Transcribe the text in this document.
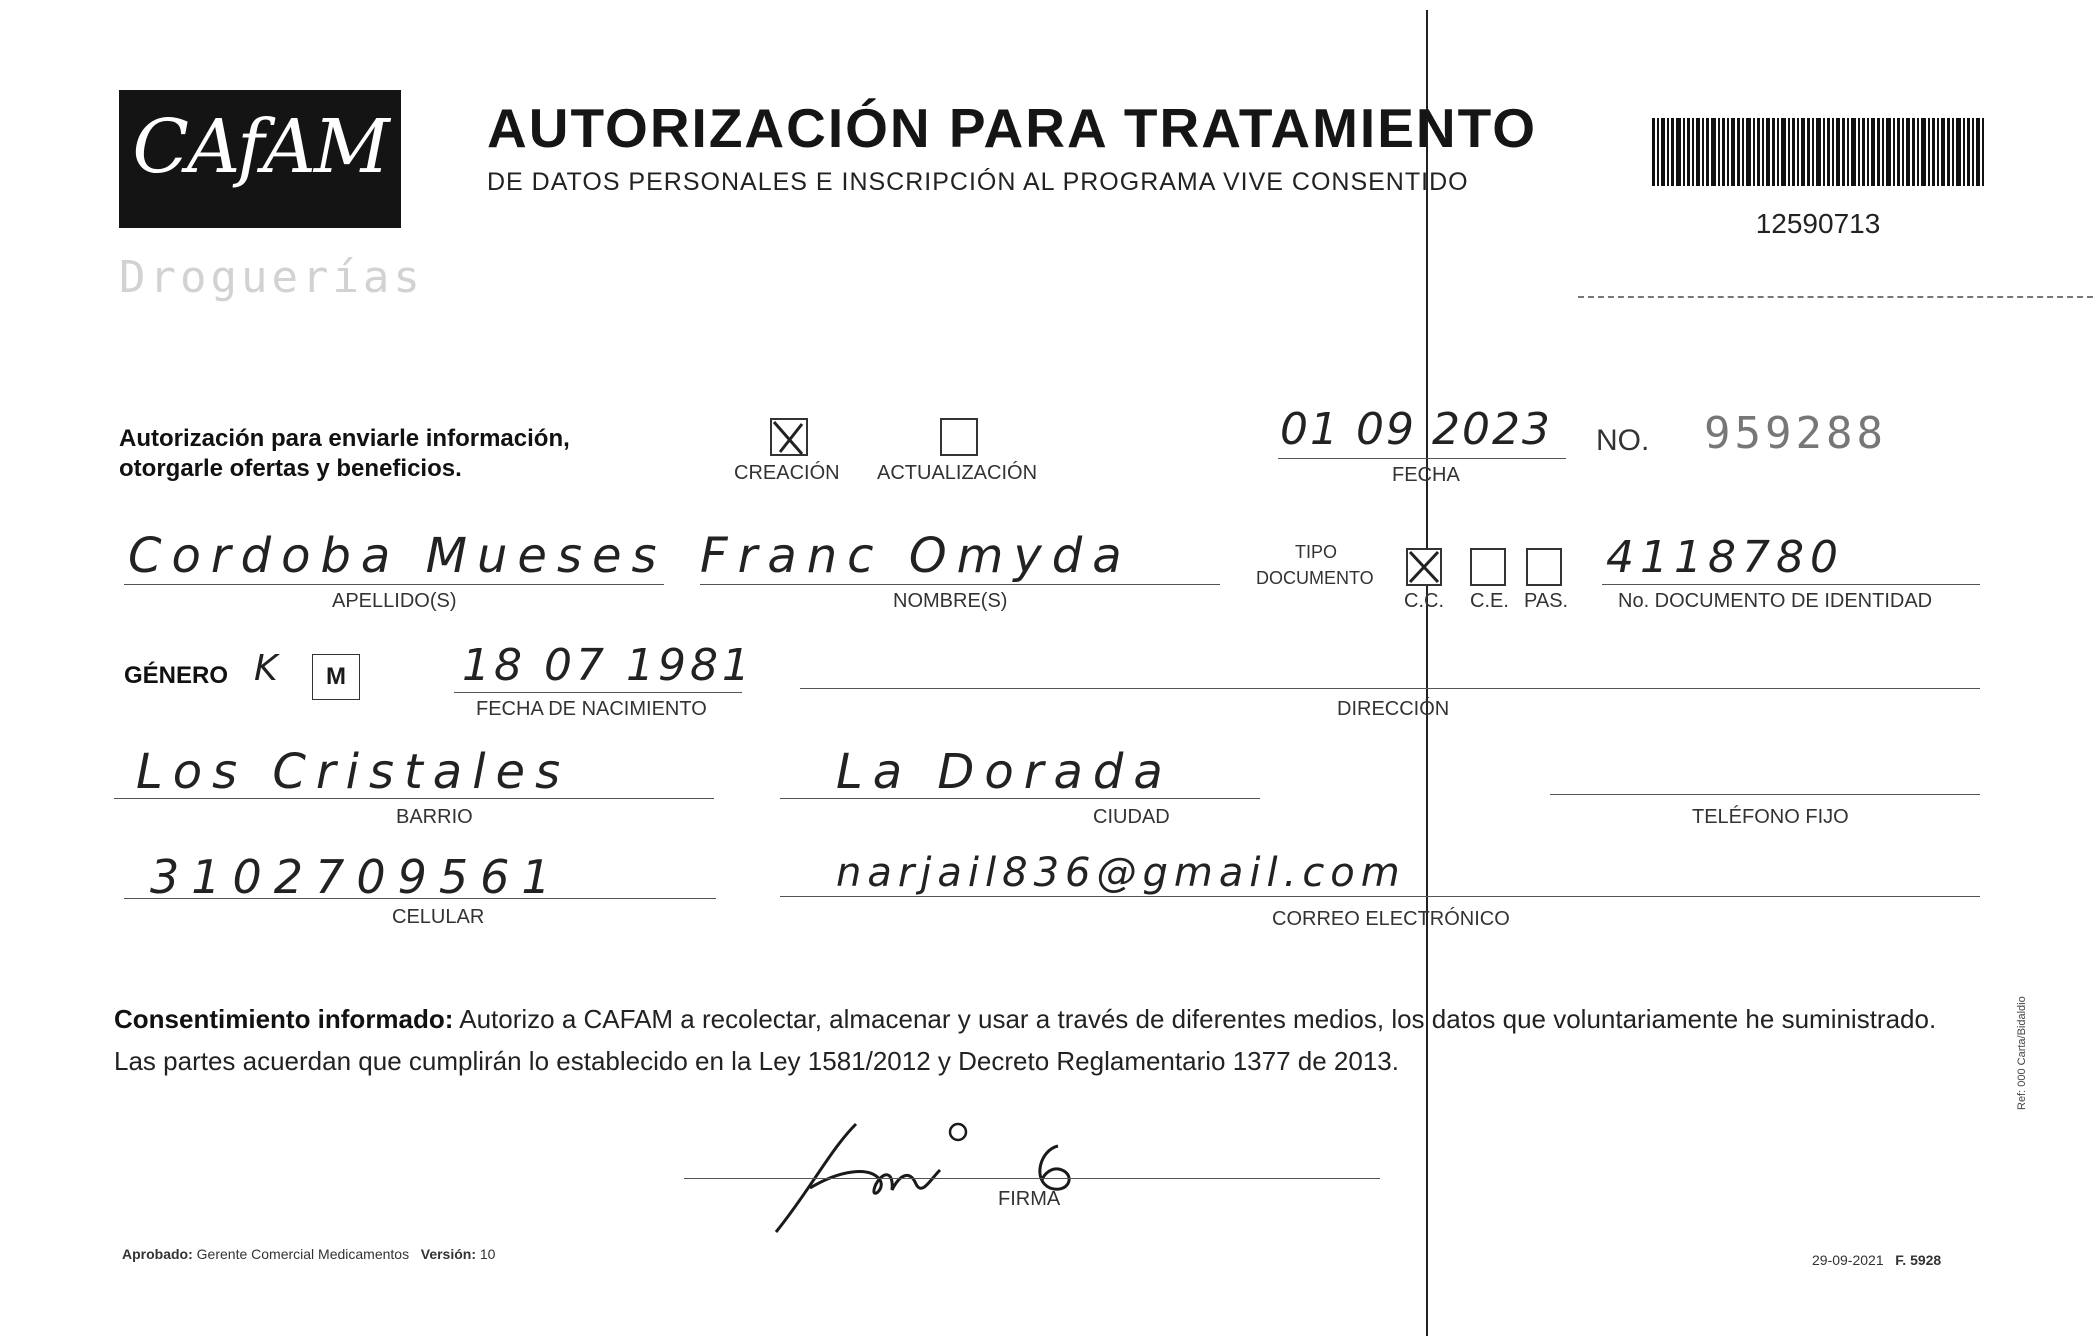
CAfAM
Droguerías
AUTORIZACIÓN PARA TRATAMIENTO
DE DATOS PERSONALES E INSCRIPCIÓN AL PROGRAMA VIVE CONSENTIDO
12590713
Autorización para enviarle información,
otorgarle ofertas y beneficios.	CREACIÓN ACTUALIZACIÓN
01 09 2023
FECHA
NO. 959288
Cordoba Mueses
APELLIDO(S)
Franc Omyda
NOMBRE(S)
TIPO
DOCUMENTO
C.C. C.E. PAS.
4118780
No. DOCUMENTO DE IDENTIDAD
GÉNERO K	M	18 07 1981
FECHA DE NACIMIENTO	DIRECCIÓN
Los Cristales
BARRIO
La Dorada
CIUDAD	TELÉFONO FIJO
3102709561
CELULAR
narjail836@gmail.com
CORREO ELECTRÓNICO
Consentimiento informado: Autorizo a CAFAM a recolectar, almacenar y usar a través de diferentes medios, los datos que voluntariamente he suministrado.
Las partes acuerdan que cumplirán lo establecido en la Ley 1581/2012 y Decreto Reglamentario 1377 de 2013.
FIRMA
Aprobado: Gerente Comercial Medicamentos Versión: 10	29-09-2021 F. 5928
Ref: 000 Carta/Bidaldio
